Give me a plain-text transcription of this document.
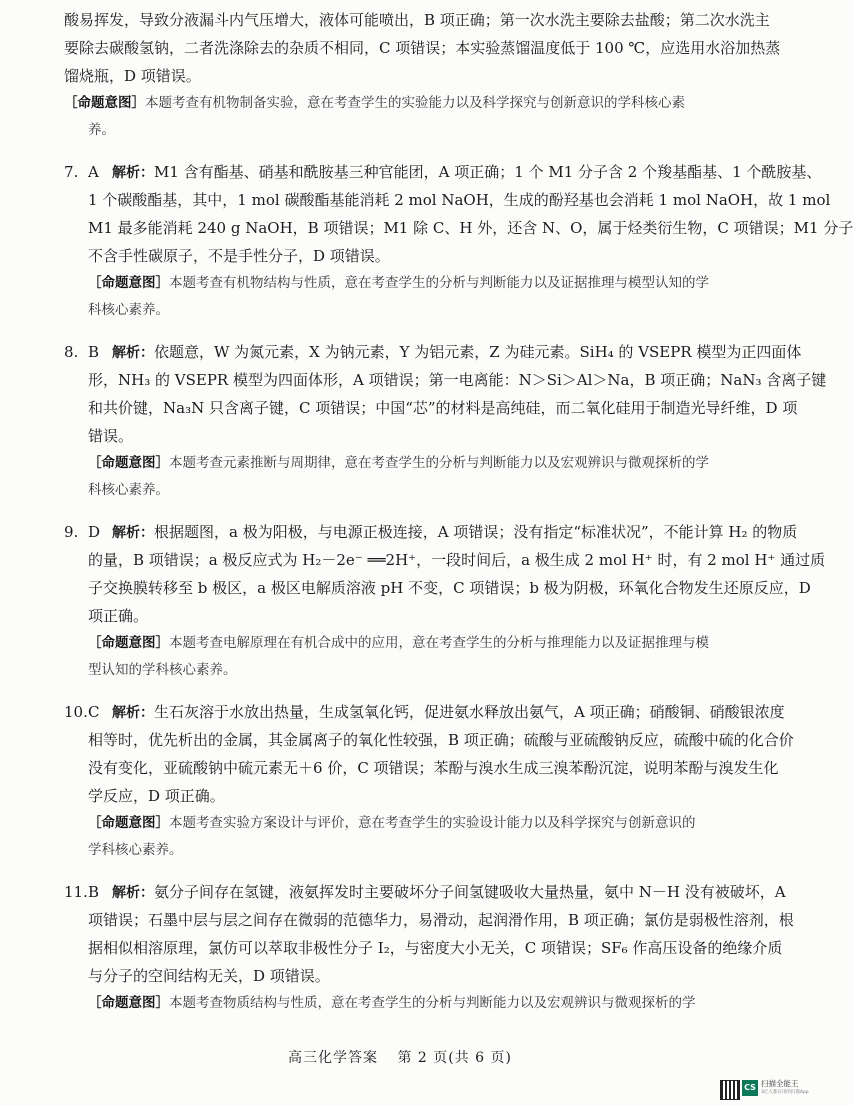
酸易挥发，导致分液漏斗内气压增大，液体可能喷出，B 项正确；第一次水洗主要除去盐酸；第二次水洗主
要除去碳酸氢钠，二者洗涤除去的杂质不相同，C 项错误；本实验蒸馏温度低于 100 ℃，应选用水浴加热蒸
馏烧瓶，D 项错误。
［命题意图］本题考查有机物制备实验，意在考查学生的实验能力以及科学探究与创新意识的学科核心素
养。
7. A 解析：M1 含有酯基、硝基和酰胺基三种官能团，A 项正确；1 个 M1 分子含 2 个羧基酯基、1 个酰胺基、
1 个碳酸酯基，其中，1 mol 碳酸酯基能消耗 2 mol NaOH，生成的酚羟基也会消耗 1 mol NaOH，故 1 mol
M1 最多能消耗 240 g NaOH，B 项错误；M1 除 C、H 外，还含 N、O，属于烃类衍生物，C 项错误；M1 分子
不含手性碳原子，不是手性分子，D 项错误。
［命题意图］本题考查有机物结构与性质，意在考查学生的分析与判断能力以及证据推理与模型认知的学
科核心素养。
8. B 解析：依题意，W 为氮元素，X 为钠元素，Y 为铝元素，Z 为硅元素。SiH₄ 的 VSEPR 模型为正四面体
形，NH₃ 的 VSEPR 模型为四面体形，A 项错误；第一电离能：N＞Si＞Al＞Na，B 项正确；NaN₃ 含离子键
和共价键，Na₃N 只含离子键，C 项错误；中国“芯”的材料是高纯硅，而二氧化硅用于制造光导纤维，D 项
错误。
［命题意图］本题考查元素推断与周期律，意在考查学生的分析与判断能力以及宏观辨识与微观探析的学
科核心素养。
9. D 解析：根据题图，a 极为阳极，与电源正极连接，A 项错误；没有指定“标准状况”，不能计算 H₂ 的物质
的量，B 项错误；a 极反应式为 H₂－2e⁻ ══2H⁺，一段时间后，a 极生成 2 mol H⁺ 时，有 2 mol H⁺ 通过质
子交换膜转移至 b 极区，a 极区电解质溶液 pH 不变，C 项错误；b 极为阴极，环氧化合物发生还原反应，D
项正确。
［命题意图］本题考查电解原理在有机合成中的应用，意在考查学生的分析与推理能力以及证据推理与模
型认知的学科核心素养。
10.C 解析：生石灰溶于水放出热量，生成氢氧化钙，促进氨水释放出氨气，A 项正确；硝酸铜、硝酸银浓度
相等时，优先析出的金属，其金属离子的氧化性较强，B 项正确；硫酸与亚硫酸钠反应，硫酸中硫的化合价
没有变化，亚硫酸钠中硫元素无＋6 价，C 项错误；苯酚与溴水生成三溴苯酚沉淀，说明苯酚与溴发生化
学反应，D 项正确。
［命题意图］本题考查实验方案设计与评价，意在考查学生的实验设计能力以及科学探究与创新意识的
学科核心素养。
11.B 解析：氨分子间存在氢键，液氨挥发时主要破坏分子间氢键吸收大量热量，氨中 N－H 没有被破坏，A
项错误；石墨中层与层之间存在微弱的范德华力，易滑动，起润滑作用，B 项正确；氯仿是弱极性溶剂，根
据相似相溶原理，氯仿可以萃取非极性分子 I₂，与密度大小无关，C 项错误；SF₆ 作高压设备的绝缘介质
与分子的空间结构无关，D 项错误。
［命题意图］本题考查物质结构与性质，意在考查学生的分析与判断能力以及宏观辨识与微观探析的学
高三化学答案 第 2 页(共 6 页)
CS 扫描全能王
3亿人都在用的扫描App
